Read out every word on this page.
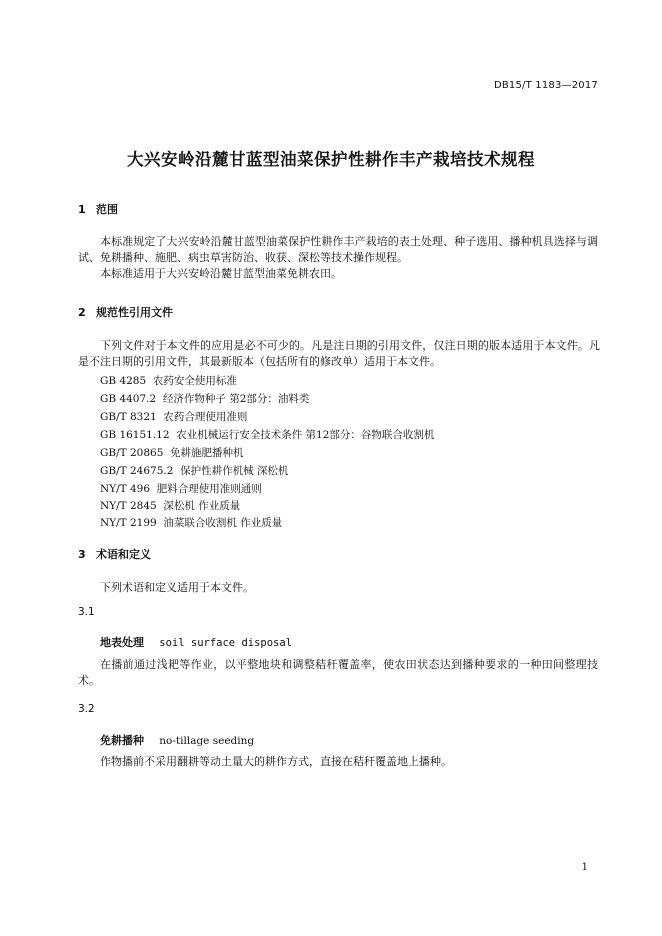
DB15/T 1183—2017
大兴安岭沿麓甘蓝型油菜保护性耕作丰产栽培技术规程
1 范围
本标准规定了大兴安岭沿麓甘蓝型油菜保护性耕作丰产栽培的表土处理、种子选用、播种机具选择与调试、免耕播种、施肥、病虫草害防治、收获、深松等技术操作规程。
本标准适用于大兴安岭沿麓甘蓝型油菜免耕农田。
2 规范性引用文件
下列文件对于本文件的应用是必不可少的。凡是注日期的引用文件，仅注日期的版本适用于本文件。凡是不注日期的引用文件，其最新版本（包括所有的修改单）适用于本文件。
GB 4285  农药安全使用标准
GB 4407.2  经济作物种子 第2部分：油料类
GB/T 8321  农药合理使用准则
GB 16151.12  农业机械运行安全技术条件 第12部分：谷物联合收割机
GB/T 20865  免耕施肥播种机
GB/T 24675.2  保护性耕作机械 深松机
NY/T 496  肥料合理使用准则通则
NY/T 2845  深松机 作业质量
NY/T 2199  油菜联合收割机 作业质量
3 术语和定义
下列术语和定义适用于本文件。
3.1
地表处理 soil surface disposal
在播前通过浅耙等作业，以平整地块和调整秸秆覆盖率，使农田状态达到播种要求的一种田间整理技术。
3.2
免耕播种 no-tillage seeding
作物播前不采用翻耕等动土量大的耕作方式，直接在秸秆覆盖地上播种。
1
